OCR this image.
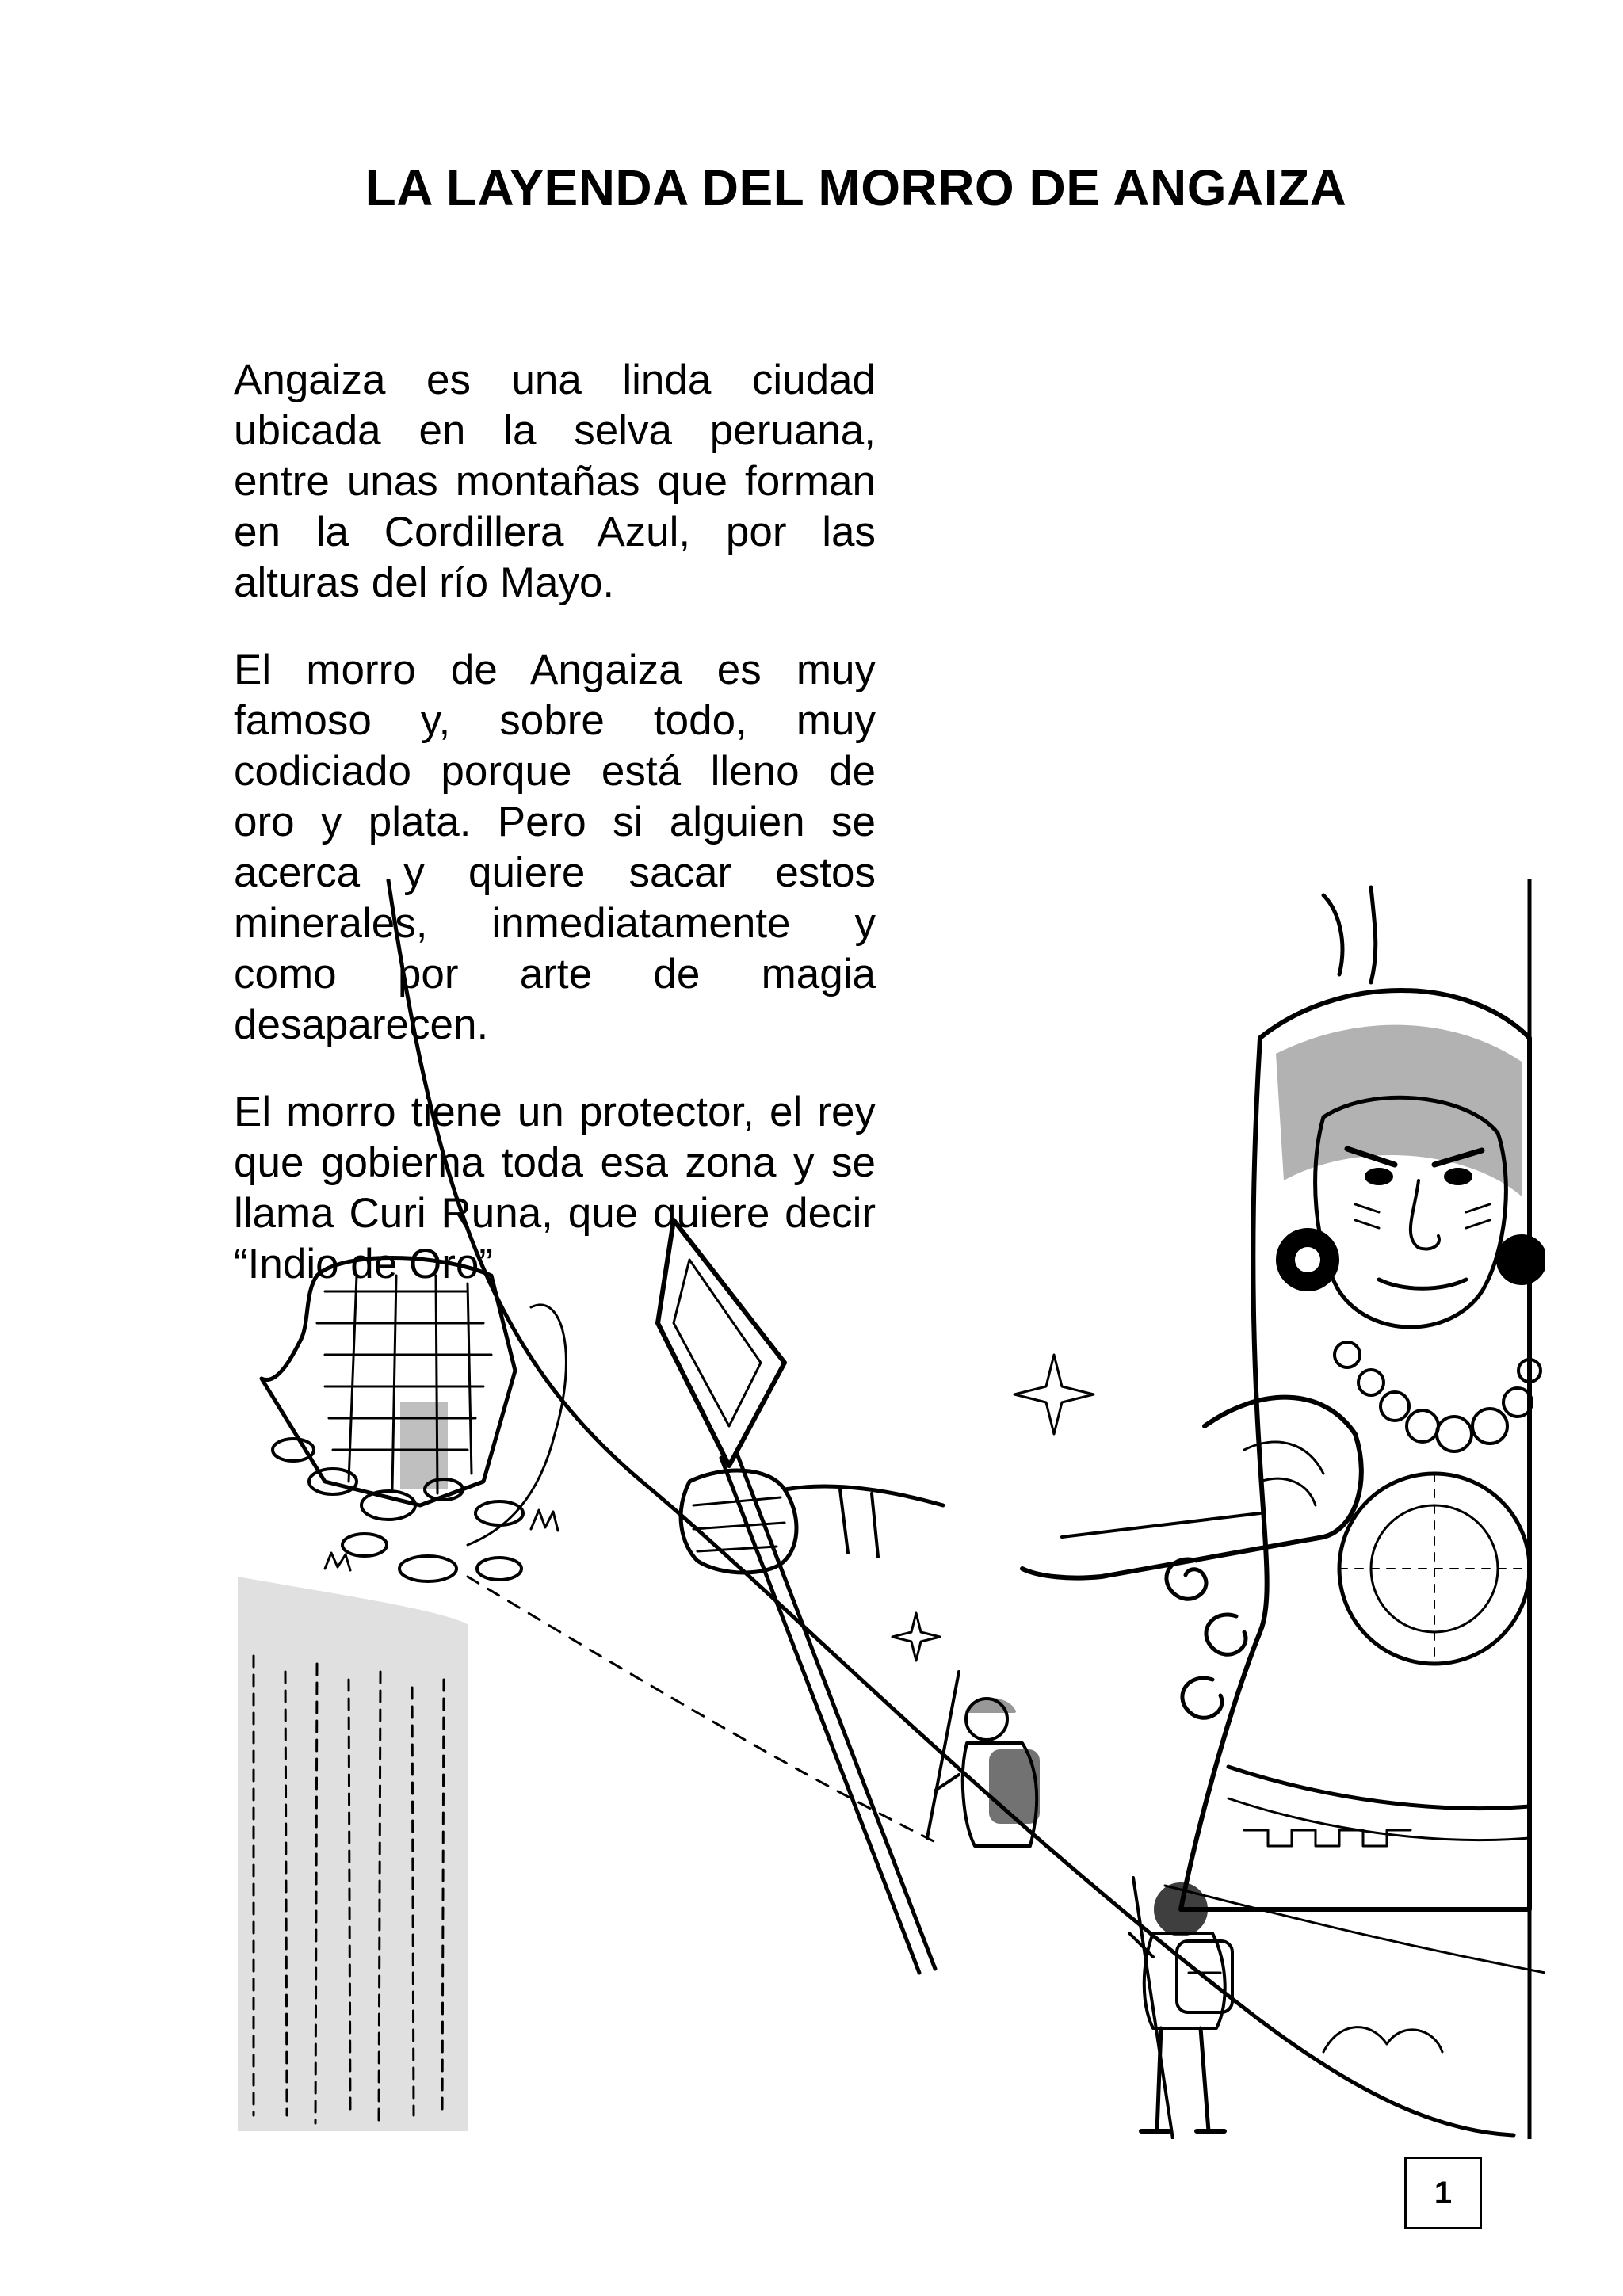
LA LAYENDA DEL MORRO DE ANGAIZA

Angaiza es una linda ciudad ubicada en la selva peruana, entre unas montañas que forman en la Cordillera Azul, por las alturas del río Mayo.

El morro de Angaiza es muy famoso y, sobre todo, muy codiciado porque está lleno de oro y plata. Pero si alguien se acerca y quiere sacar estos minerales, inmediatamente y como por arte de magia desaparecen.

El morro tiene un protector, el rey que gobierna toda esa zona y se llama Curi Runa, que quiere decir “Indio de Oro”

1
